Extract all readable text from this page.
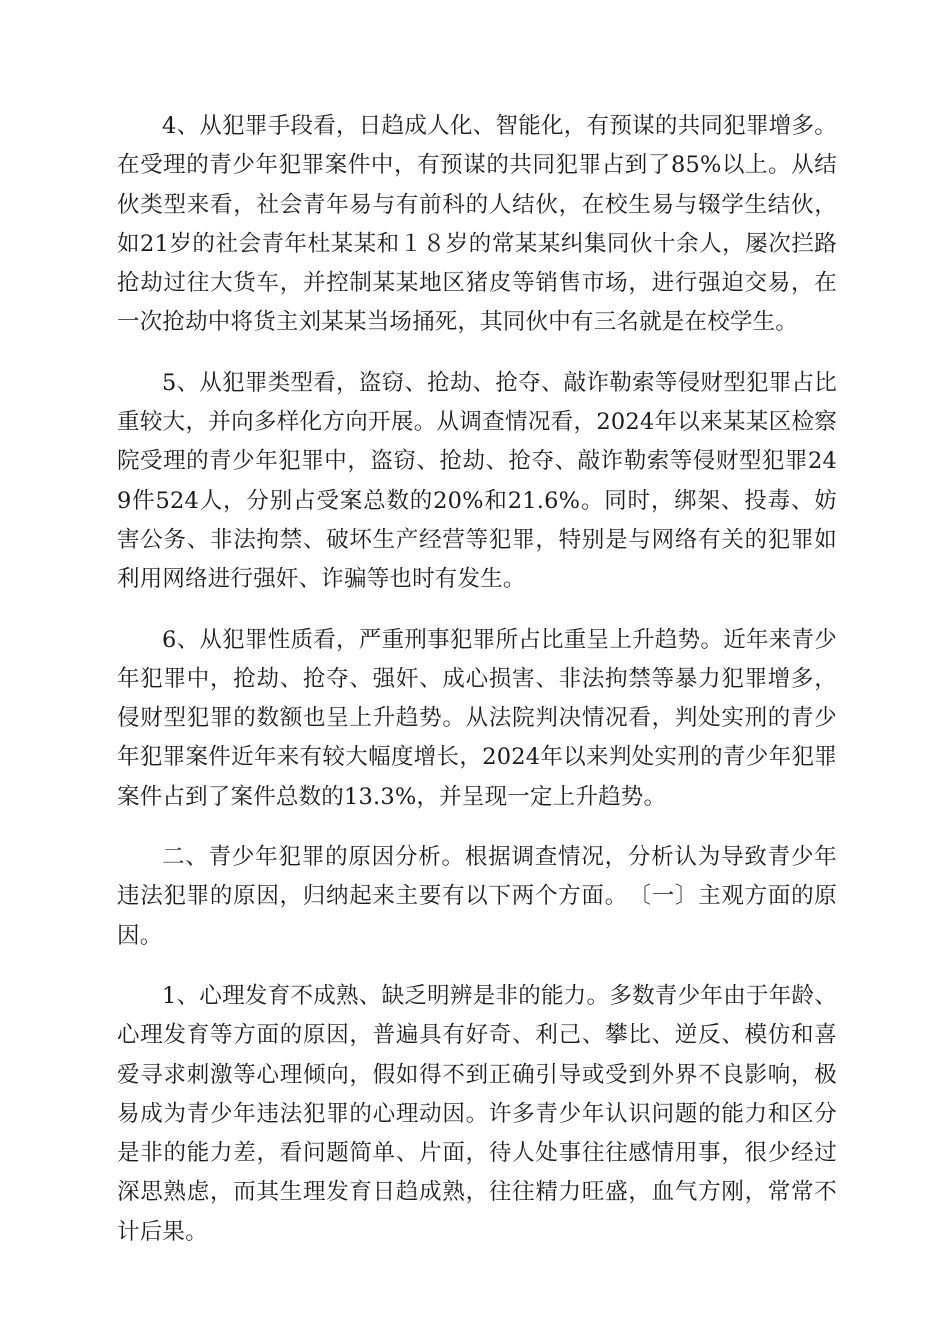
4、从犯罪手段看，日趋成人化、智能化，有预谋的共同犯罪增多。在受理的青少年犯罪案件中，有预谋的共同犯罪占到了85%以上。从结伙类型来看，社会青年易与有前科的人结伙，在校生易与辍学生结伙，如21岁的社会青年杜某某和１８岁的常某某纠集同伙十余人，屡次拦路抢劫过往大货车，并控制某某地区猪皮等销售市场，进行强迫交易，在一次抢劫中将货主刘某某当场捅死，其同伙中有三名就是在校学生。

5、从犯罪类型看，盗窃、抢劫、抢夺、敲诈勒索等侵财型犯罪占比重较大，并向多样化方向开展。从调查情况看，2024年以来某某区检察院受理的青少年犯罪中，盗窃、抢劫、抢夺、敲诈勒索等侵财型犯罪249件524人，分别占受案总数的20%和21.6%。同时，绑架、投毒、妨害公务、非法拘禁、破坏生产经营等犯罪，特别是与网络有关的犯罪如利用网络进行强奸、诈骗等也时有发生。

6、从犯罪性质看，严重刑事犯罪所占比重呈上升趋势。近年来青少年犯罪中，抢劫、抢夺、强奸、成心损害、非法拘禁等暴力犯罪增多，侵财型犯罪的数额也呈上升趋势。从法院判决情况看，判处实刑的青少年犯罪案件近年来有较大幅度增长，2024年以来判处实刑的青少年犯罪案件占到了案件总数的13.3%，并呈现一定上升趋势。

二、青少年犯罪的原因分析。根据调查情况，分析认为导致青少年违法犯罪的原因，归纳起来主要有以下两个方面。　〔一〕主观方面的原因。

1、心理发育不成熟、缺乏明辨是非的能力。多数青少年由于年龄、心理发育等方面的原因，普遍具有好奇、利己、攀比、逆反、模仿和喜爱寻求刺激等心理倾向，假如得不到正确引导或受到外界不良影响，极易成为青少年违法犯罪的心理动因。许多青少年认识问题的能力和区分是非的能力差，看问题简单、片面，待人处事往往感情用事，很少经过深思熟虑，而其生理发育日趋成熟，往往精力旺盛，血气方刚，常常不计后果。
